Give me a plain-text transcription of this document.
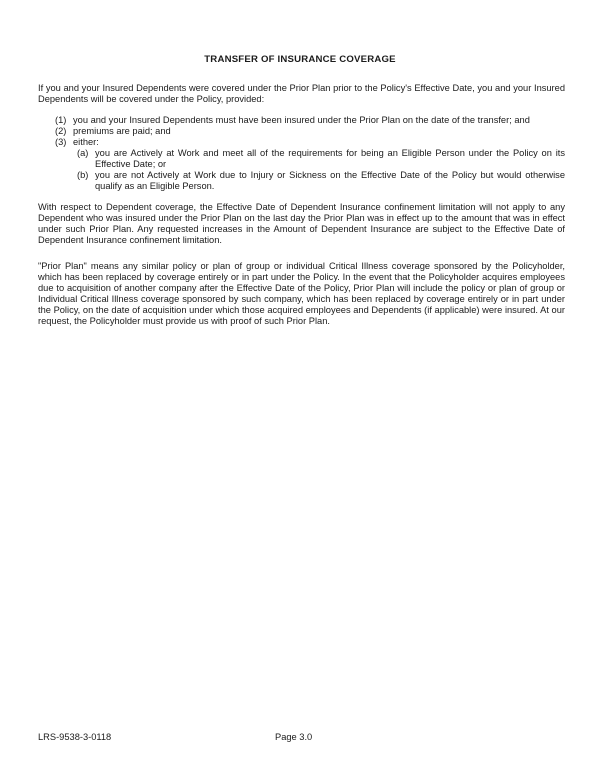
TRANSFER OF INSURANCE COVERAGE

If you and your Insured Dependents were covered under the Prior Plan prior to the Policy's Effective Date, you and your Insured Dependents will be covered under the Policy, provided:

(1) you and your Insured Dependents must have been insured under the Prior Plan on the date of the transfer; and
(2) premiums are paid; and
(3) either:
(a) you are Actively at Work and meet all of the requirements for being an Eligible Person under the Policy on its Effective Date; or
(b) you are not Actively at Work due to Injury or Sickness on the Effective Date of the Policy but would otherwise qualify as an Eligible Person.

With respect to Dependent coverage, the Effective Date of Dependent Insurance confinement limitation will not apply to any Dependent who was insured under the Prior Plan on the last day the Prior Plan was in effect up to the amount that was in effect under such Prior Plan. Any requested increases in the Amount of Dependent Insurance are subject to the Effective Date of Dependent Insurance confinement limitation.

"Prior Plan" means any similar policy or plan of group or individual Critical Illness coverage sponsored by the Policyholder, which has been replaced by coverage entirely or in part under the Policy. In the event that the Policyholder acquires employees due to acquisition of another company after the Effective Date of the Policy, Prior Plan will include the policy or plan of group or Individual Critical Illness coverage sponsored by such company, which has been replaced by coverage entirely or in part under the Policy, on the date of acquisition under which those acquired employees and Dependents (if applicable) were insured. At our request, the Policyholder must provide us with proof of such Prior Plan.

LRS-9538-3-0118	Page 3.0
